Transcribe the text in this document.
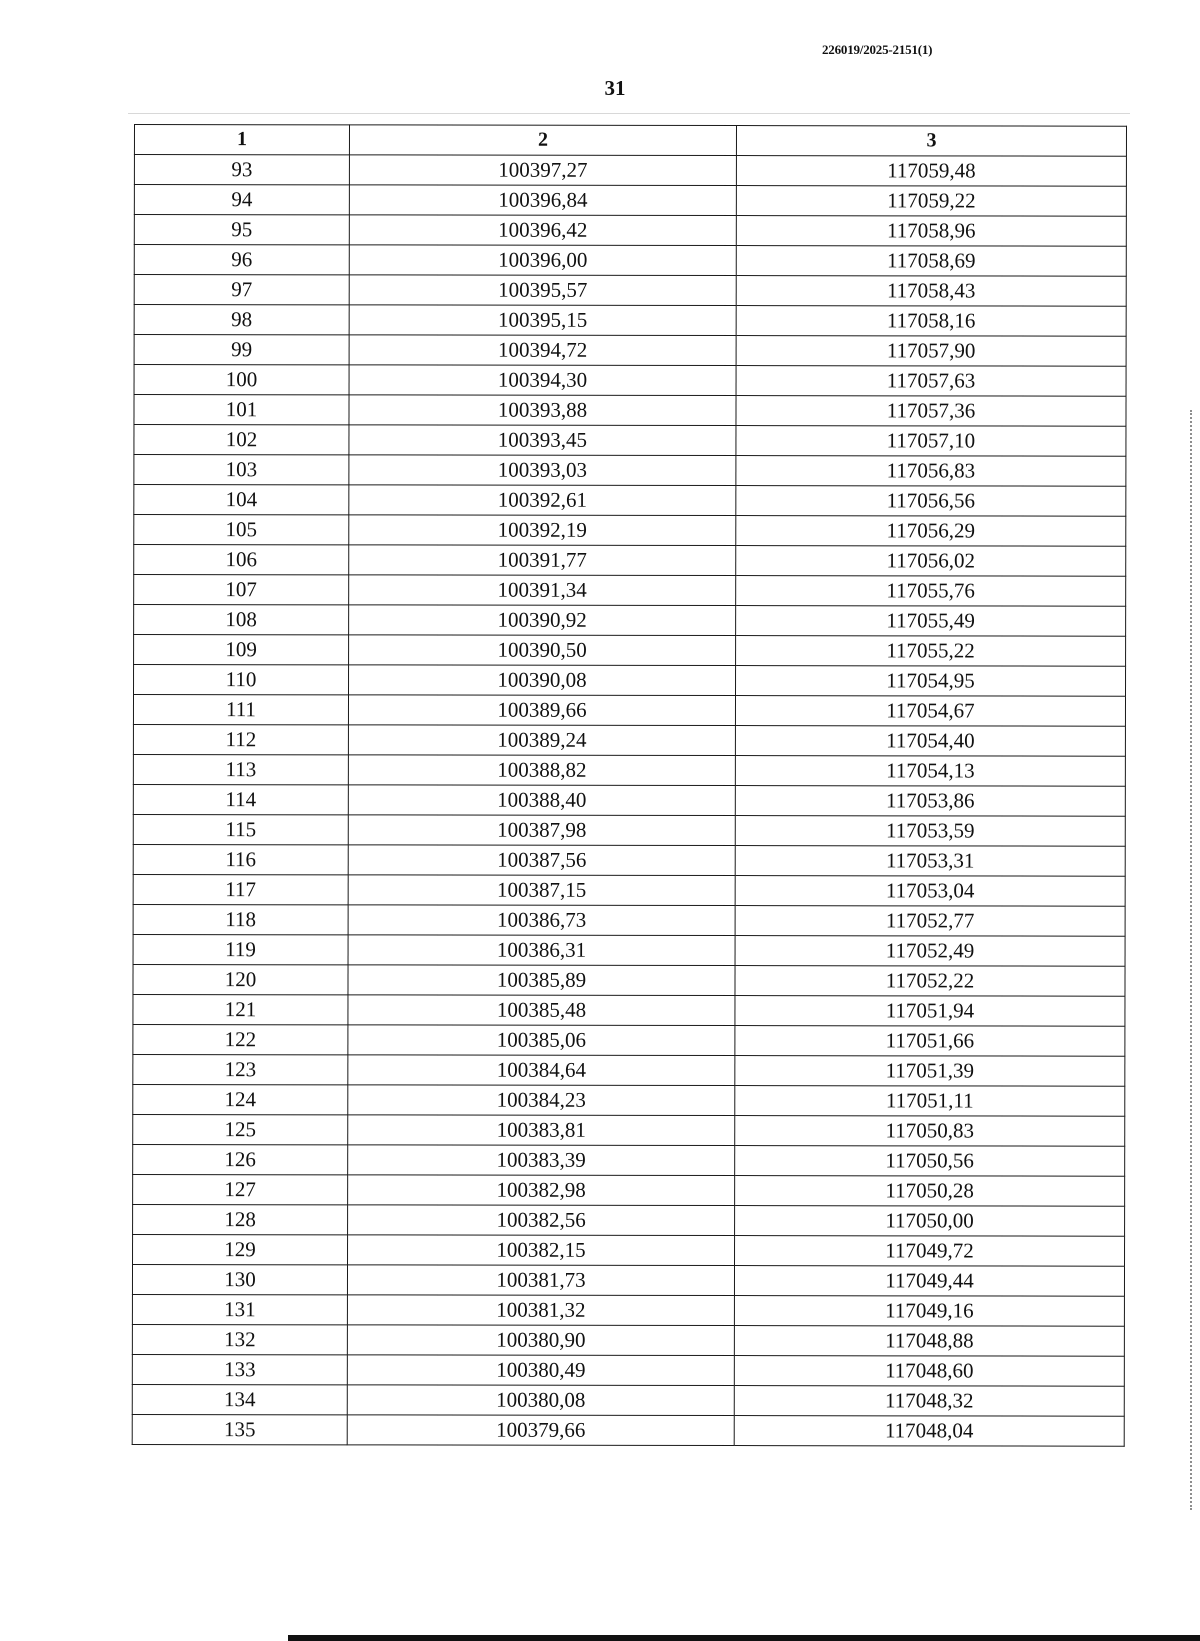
226019/2025-2151(1)
31
1	2	3
93	100397,27	117059,48
94	100396,84	117059,22
95	100396,42	117058,96
96	100396,00	117058,69
97	100395,57	117058,43
98	100395,15	117058,16
99	100394,72	117057,90
100	100394,30	117057,63
101	100393,88	117057,36
102	100393,45	117057,10
103	100393,03	117056,83
104	100392,61	117056,56
105	100392,19	117056,29
106	100391,77	117056,02
107	100391,34	117055,76
108	100390,92	117055,49
109	100390,50	117055,22
110	100390,08	117054,95
111	100389,66	117054,67
112	100389,24	117054,40
113	100388,82	117054,13
114	100388,40	117053,86
115	100387,98	117053,59
116	100387,56	117053,31
117	100387,15	117053,04
118	100386,73	117052,77
119	100386,31	117052,49
120	100385,89	117052,22
121	100385,48	117051,94
122	100385,06	117051,66
123	100384,64	117051,39
124	100384,23	117051,11
125	100383,81	117050,83
126	100383,39	117050,56
127	100382,98	117050,28
128	100382,56	117050,00
129	100382,15	117049,72
130	100381,73	117049,44
131	100381,32	117049,16
132	100380,90	117048,88
133	100380,49	117048,60
134	100380,08	117048,32
135	100379,66	117048,04
